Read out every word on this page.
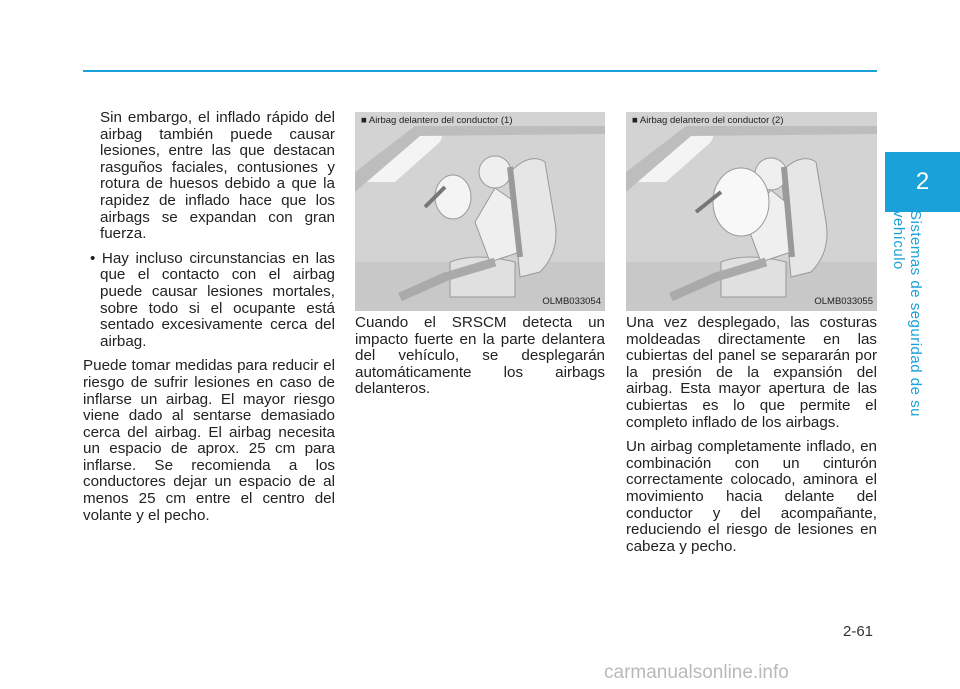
2
Sistemas de seguridad de su vehículo

Sin embargo, el inflado rápido del airbag también puede causar lesiones, entre las que destacan rasguños faciales, contusiones y rotura de huesos debido a que la rapidez de inflado hace que los airbags se expandan con gran fuerza.

• Hay incluso circunstancias en las que el contacto con el airbag puede causar lesiones mortales, sobre todo si el ocupante está sentado excesivamente cerca del airbag.

Puede tomar medidas para reducir el riesgo de sufrir lesiones en caso de inflarse un airbag. El mayor riesgo viene dado al sentarse demasiado cerca del airbag. El airbag necesita un espacio de aprox. 25 cm para inflarse. Se recomienda a los conductores dejar un espacio de al menos 25 cm entre el centro del volante y el pecho.

■ Airbag delantero del conductor (1)
OLMB033054
■ Airbag delantero del conductor (2)
OLMB033055

Cuando el SRSCM detecta un impacto fuerte en la parte delantera del vehículo, se desplegarán automáticamente los airbags delanteros.

Una vez desplegado, las costuras moldeadas directamente en las cubiertas del panel se separarán por la presión de la expansión del airbag. Esta mayor apertura de las cubiertas es lo que permite el completo inflado de los airbags.

Un airbag completamente inflado, en combinación con un cinturón correctamente colocado, aminora el movimiento hacia delante del conductor y del acompañante, reduciendo el riesgo de lesiones en cabeza y pecho.

2-61
carmanualsonline.info
